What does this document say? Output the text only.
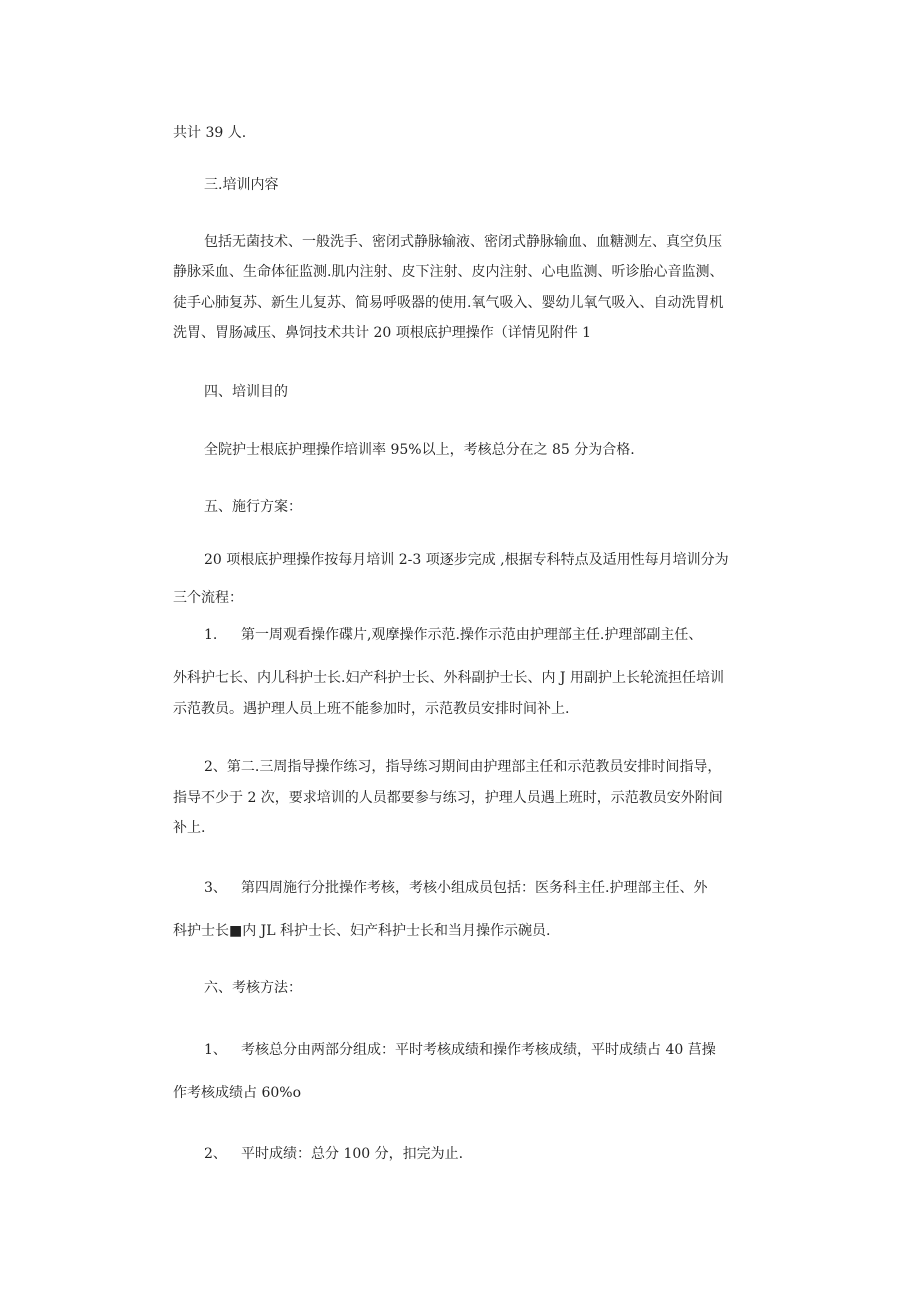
共计 39 人.
三.培训内容
包括无菌技术、一般洗手、密闭式静脉输液、密闭式静脉输血、血糖测左、真空负压
静脉采血、生命体征监测.肌内注射、皮下注射、皮内注射、心电监测、听诊胎心音监测、
徒手心肺复苏、新生儿复苏、简易呼吸器的使用.氧气吸入、婴幼儿氧气吸入、自动洗胃机
洗胃、胃肠减压、鼻饲技术共计 20 项根底护理操作（详情见附件 1
四、培训目的
全院护士根底护理操作培训率 95%以上，考核总分在之 85 分为合格.
五、施行方案：
20 项根底护理操作按每月培训 2-3 项逐步完成 ,根据专科特点及适用性每月培训分为
三个流程：
1. 第一周观看操作碟片,观摩操作示范.操作示范由护理部主任.护理部副主任、
外科护七长、内儿科护士长.妇产科护士长、外科副护士长、内 J 用副护上长轮流担任培训
示范教员。遇护理人员上班不能参加时，示范教员安排时间补上.
2、第二.三周指导操作练习，指导练习期间由护理部主任和示范教员安排时间指导，
指导不少于 2 次，要求培训的人员都要参与练习，护理人员遇上班时，示范教员安外附间
补上.
3、 第四周施行分批操作考核，考核小组成员包括：医务科主任.护理部主任、外
科护士长■内 JL 科护士长、妇产科护士长和当月操作示碗员.
六、考核方法：
1、 考核总分由两部分组成：平时考核成绩和操作考核成绩，平时成绩占 40 莒操
作考核成绩占 60%o
2、 平时成绩：总分 100 分，扣完为止.
